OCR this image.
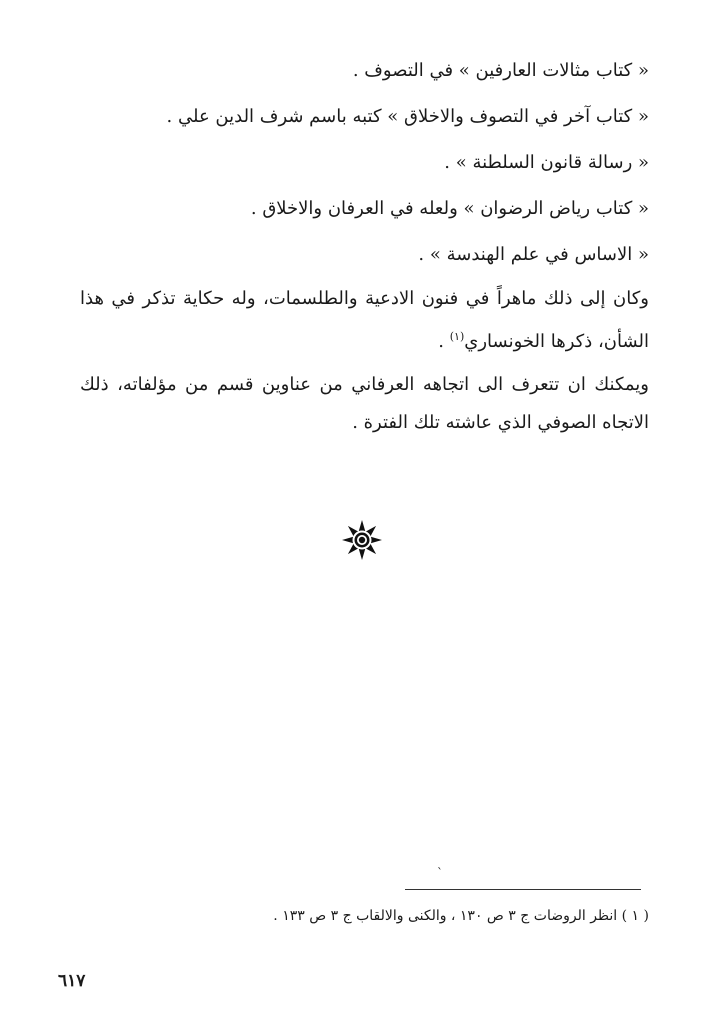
« كتاب مثالات العارفين » في التصوف .
« كتاب آخر في التصوف والاخلاق » كتبه باسم شرف الدين علي .
« رسالة قانون السلطنة » .
« كتاب رياض الرضوان » ولعله في العرفان والاخلاق .
« الاساس في علم الهندسة » .
وكان إلى ذلك ماهراً في فنون الادعية والطلسمات، وله حكاية تذكر في هذا
الشأن، ذكرها الخونساري$^{(١)}$ .
ويمكنك ان تتعرف الى اتجاهه العرفاني من عناوين قسم من مؤلفاته، ذلك
الاتجاه الصوفي الذي عاشته تلك الفترة .
`
( ١ ) انظر الروضات ج ٣ ص ١٣٠ ، والكنى والالقاب ج ٣ ص ١٣٣ .
٦١٧
